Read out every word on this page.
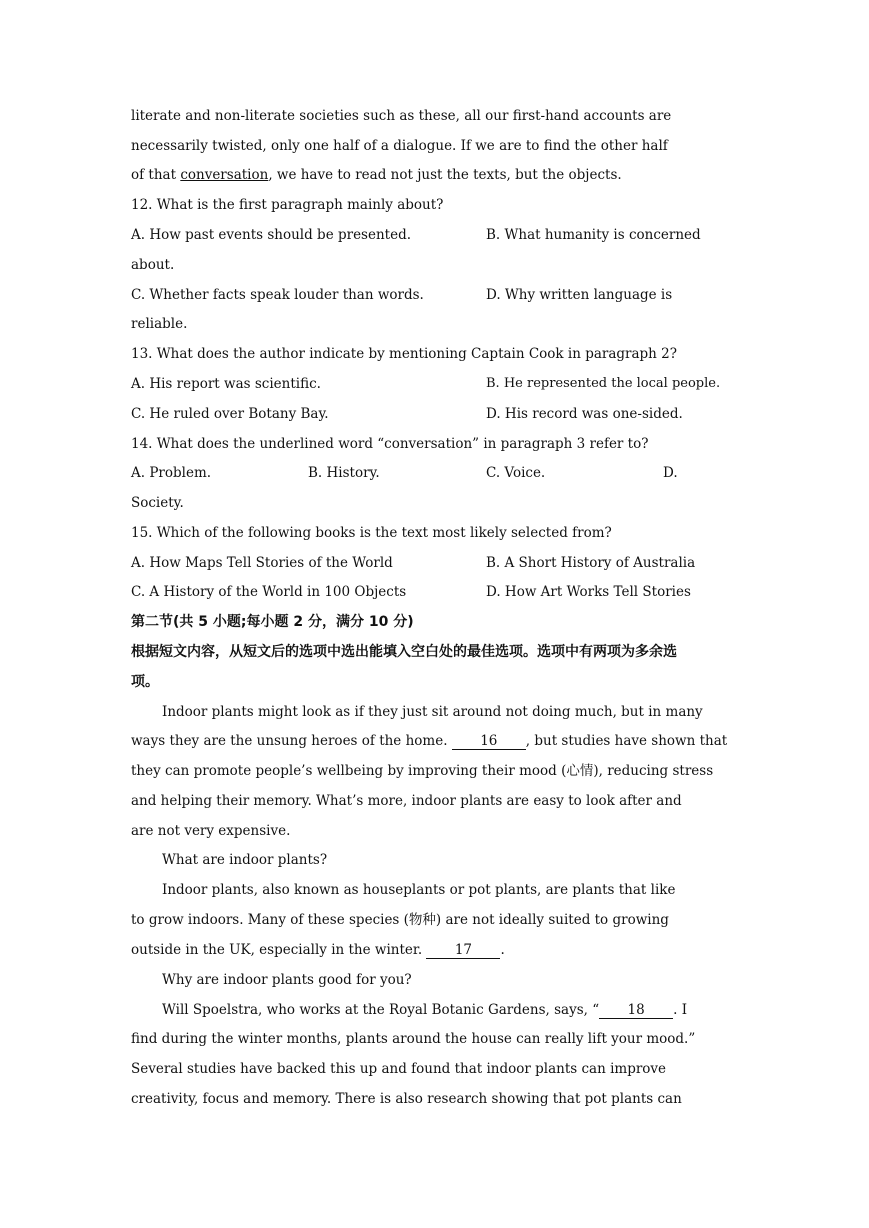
literate and non-literate societies such as these, all our first-hand accounts are
necessarily twisted, only one half of a dialogue. If we are to find the other half
of that conversation, we have to read not just the texts, but the objects.
12. What is the first paragraph mainly about?
A. How past events should be presented.	B. What humanity is concerned
about.
C. Whether facts speak louder than words.	D. Why written language is
reliable.
13. What does the author indicate by mentioning Captain Cook in paragraph 2?
A. His report was scientific.	B. He represented the local people.
C. He ruled over Botany Bay.	D. His record was one-sided.
14. What does the underlined word “conversation” in paragraph 3 refer to?
A. Problem.	B. History.	C. Voice.	D.
Society.
15. Which of the following books is the text most likely selected from?
A. How Maps Tell Stories of the World	B. A Short History of Australia
C. A History of the World in 100 Objects	D. How Art Works Tell Stories
第二节(共 5 小题;每小题 2 分，满分 10 分)
根据短文内容，从短文后的选项中选出能填入空白处的最佳选项。选项中有两项为多余选
项。
Indoor plants might look as if they just sit around not doing much, but in many
ways they are the unsung heroes of the home. 16 , but studies have shown that
they can promote people’s wellbeing by improving their mood (心情), reducing stress
and helping their memory. What’s more, indoor plants are easy to look after and
are not very expensive.
What are indoor plants?
Indoor plants, also known as houseplants or pot plants, are plants that like
to grow indoors. Many of these species (物种) are not ideally suited to growing
outside in the UK, especially in the winter. 17 .
Why are indoor plants good for you?
Will Spoelstra, who works at the Royal Botanic Gardens, says, “ 18 . I
find during the winter months, plants around the house can really lift your mood.”
Several studies have backed this up and found that indoor plants can improve
creativity, focus and memory. There is also research showing that pot plants can
